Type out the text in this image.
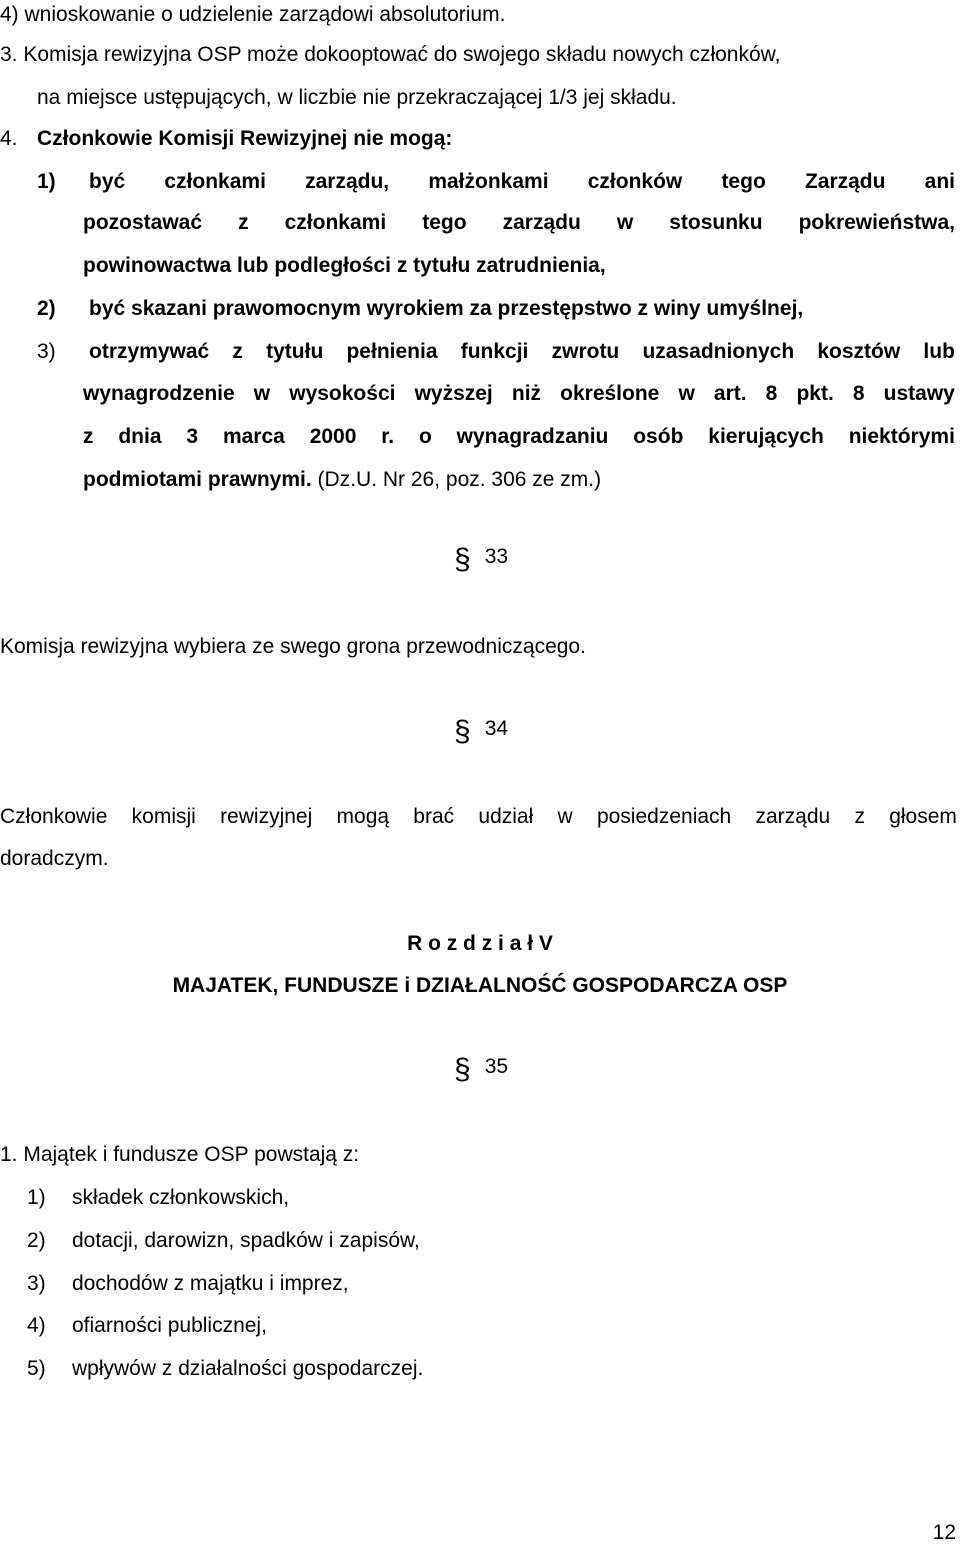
4) wnioskowanie o udzielenie zarządowi absolutorium.
3. Komisja rewizyjna OSP może dokooptować do swojego składu nowych członków,
na miejsce ustępujących, w liczbie nie przekraczającej 1/3 jej składu.
4. Członkowie Komisji Rewizyjnej nie mogą:
1) być członkami zarządu, małżonkami członków tego Zarządu ani
pozostawać z członkami tego zarządu w stosunku pokrewieństwa,
powinowactwa lub podległości z tytułu zatrudnienia,
2) być skazani prawomocnym wyrokiem za przestępstwo z winy umyślnej,
3) otrzymywać z tytułu pełnienia funkcji zwrotu uzasadnionych kosztów lub
wynagrodzenie w wysokości wyższej niż określone w art. 8 pkt. 8 ustawy
z dnia 3 marca 2000 r. o wynagradzaniu osób kierujących niektórymi
podmiotami prawnymi. (Dz.U. Nr 26, poz. 306 ze zm.)
§ 33
Komisja rewizyjna wybiera ze swego grona przewodniczącego.
§ 34
Członkowie komisji rewizyjnej mogą brać udział w posiedzeniach zarządu z głosem
doradczym.
R o z d z i a ł V
MAJATEK, FUNDUSZE i DZIAŁALNOŚĆ GOSPODARCZA OSP
§ 35
1. Majątek i fundusze OSP powstają z:
1) składek członkowskich,
2) dotacji, darowizn, spadków i zapisów,
3) dochodów z majątku i imprez,
4) ofiarności publicznej,
5) wpływów z działalności gospodarczej.
12
